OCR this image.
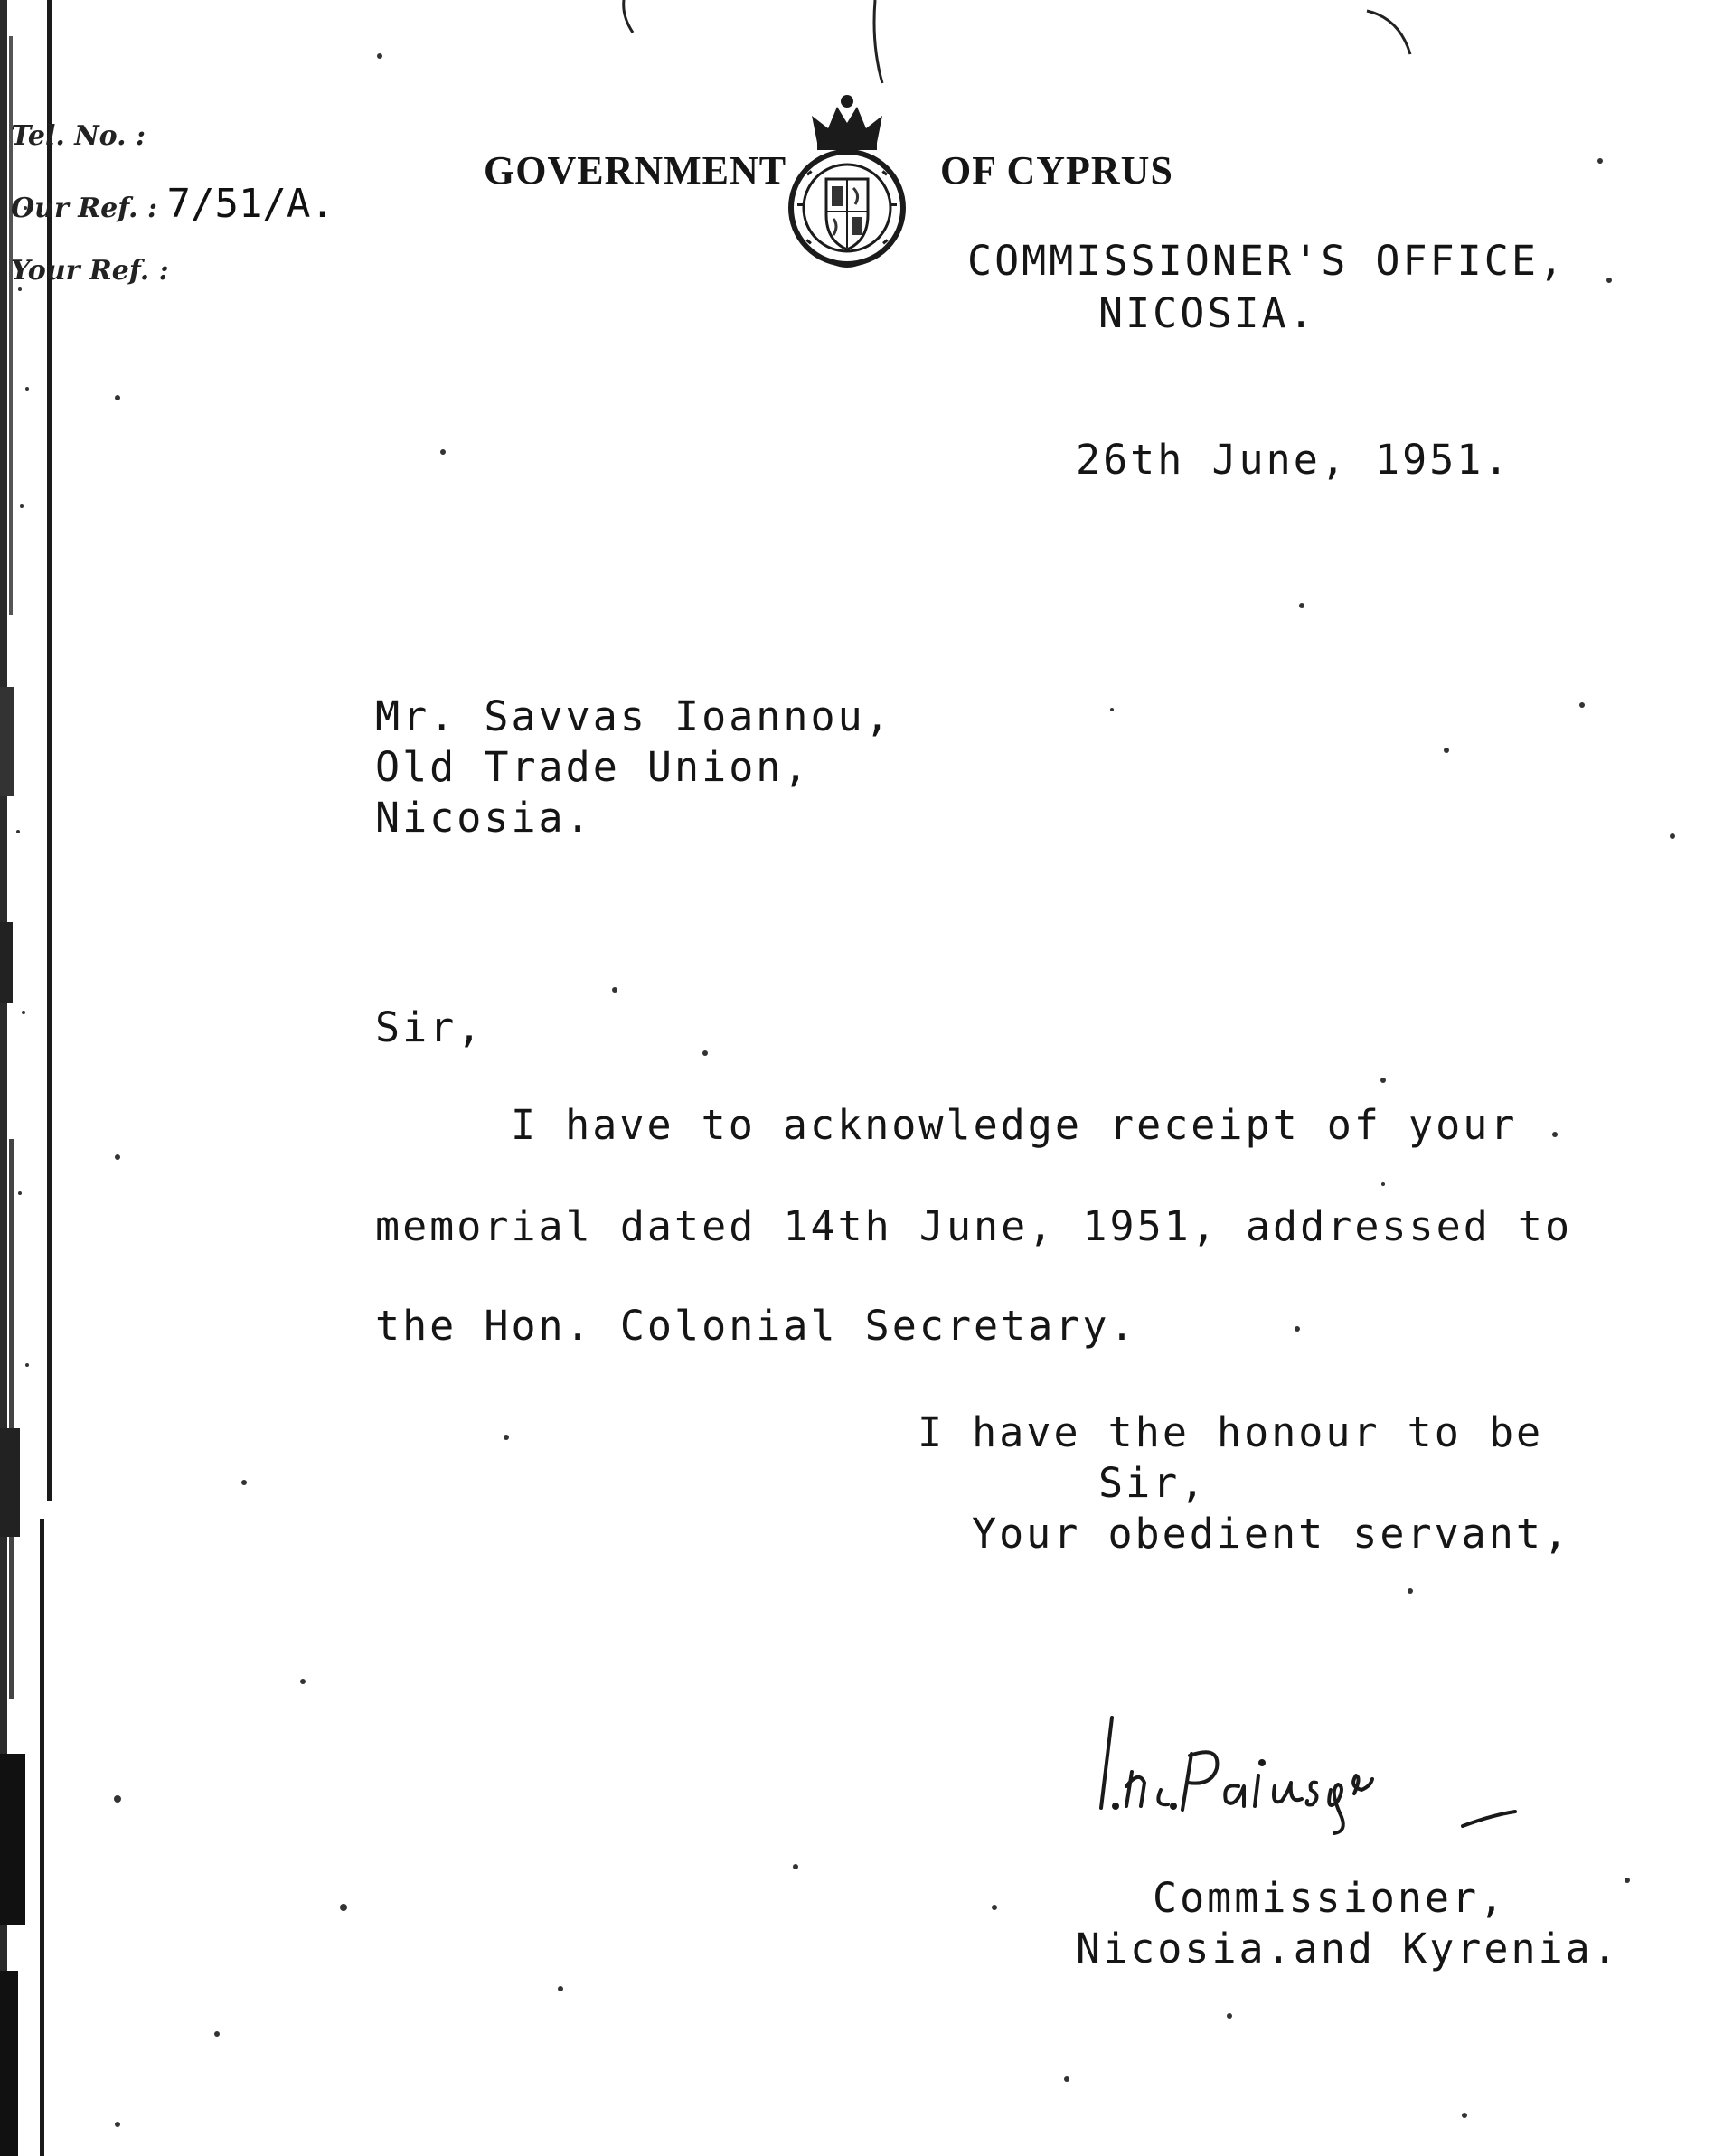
Tel. No. :
Our Ref. : 7/51/A.
Your Ref. :
GOVERNMENT	OF CYPRUS
COMMISSIONER'S OFFICE,
NICOSIA.
26th June, 1951.
Mr. Savvas Ioannou,
Old Trade Union,
Nicosia.
Sir,
I have to acknowledge receipt of your
memorial dated 14th June, 1951, addressed to
the Hon. Colonial Secretary.
I have the honour to be
Sir,
Your obedient servant,
Commissioner,
Nicosia.and Kyrenia.
